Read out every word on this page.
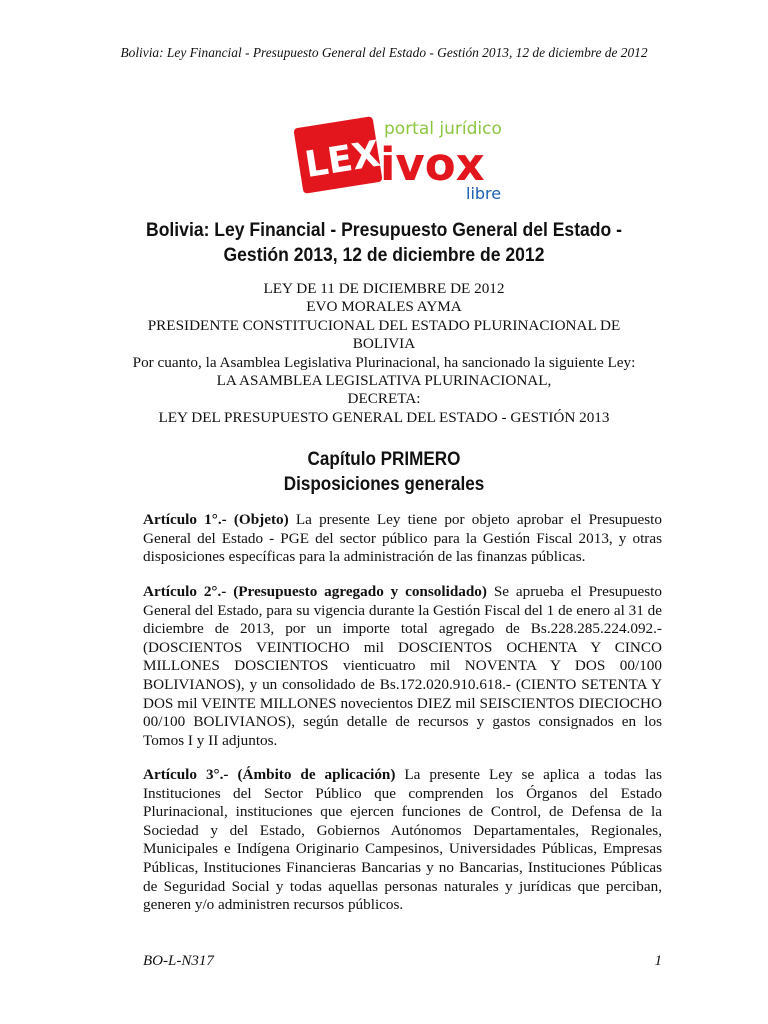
Bolivia: Ley Financial - Presupuesto General del Estado - Gestión 2013, 12 de diciembre de 2012
LEX
portal jurídico
ivox
libre
Bolivia: Ley Financial - Presupuesto General del Estado -
Gestión 2013, 12 de diciembre de 2012
LEY DE 11 DE DICIEMBRE DE 2012
EVO MORALES AYMA
PRESIDENTE CONSTITUCIONAL DEL ESTADO PLURINACIONAL DE
BOLIVIA
Por cuanto, la Asamblea Legislativa Plurinacional, ha sancionado la siguiente Ley:
LA ASAMBLEA LEGISLATIVA PLURINACIONAL,
DECRETA:
LEY DEL PRESUPUESTO GENERAL DEL ESTADO - GESTIÓN 2013
Capítulo PRIMERO
Disposiciones generales

Artículo 1°.- (Objeto) La presente Ley tiene por objeto aprobar el Presupuesto General del Estado - PGE del sector público para la Gestión Fiscal 2013, y otras disposiciones específicas para la administración de las finanzas públicas.

Artículo 2°.- (Presupuesto agregado y consolidado) Se aprueba el Presupuesto General del Estado, para su vigencia durante la Gestión Fiscal del 1 de enero al 31 de diciembre de 2013, por un importe total agregado de Bs.228.285.224.092.- (DOSCIENTOS VEINTIOCHO mil DOSCIENTOS OCHENTA Y CINCO MILLONES DOSCIENTOS vienticuatro mil NOVENTA Y DOS 00/100 BOLIVIANOS), y un consolidado de Bs.172.020.910.618.- (CIENTO SETENTA Y DOS mil VEINTE MILLONES novecientos DIEZ mil SEISCIENTOS DIECIOCHO 00/100 BOLIVIANOS), según detalle de recursos y gastos consignados en los Tomos I y II adjuntos.

Artículo 3°.- (Ámbito de aplicación) La presente Ley se aplica a todas las Instituciones del Sector Público que comprenden los Órganos del Estado Plurinacional, instituciones que ejercen funciones de Control, de Defensa de la Sociedad y del Estado, Gobiernos Autónomos Departamentales, Regionales, Municipales e Indígena Originario Campesinos, Universidades Públicas, Empresas Públicas, Instituciones Financieras Bancarias y no Bancarias, Instituciones Públicas de Seguridad Social y todas aquellas personas naturales y jurídicas que perciban, generen y/o administren recursos públicos.

BO-L-N317	1
